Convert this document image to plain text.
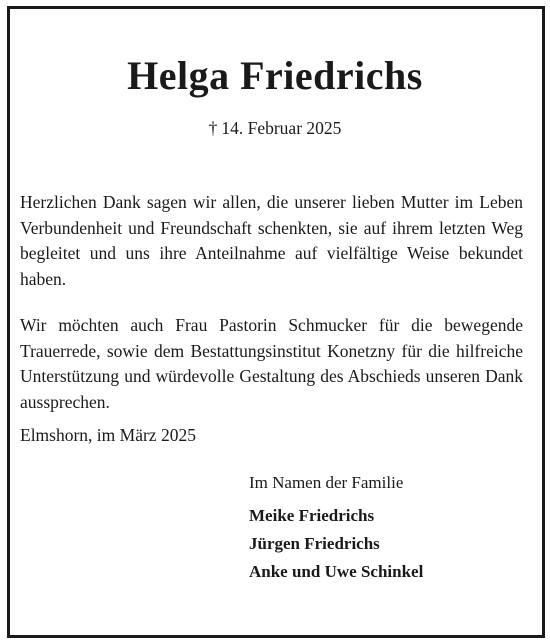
Helga Friedrichs
† 14. Februar 2025

Herzlichen Dank sagen wir allen, die unserer lieben Mutter im Leben Verbundenheit und Freundschaft schenkten, sie auf ihrem letzten Weg begleitet und uns ihre Anteilnahme auf vielfältige Weise bekundet haben.

Wir möchten auch Frau Pastorin Schmucker für die bewegende Trauerrede, sowie dem Bestattungsinstitut Konetzny für die hilfreiche Unterstützung und würdevolle Gestaltung des Abschieds unseren Dank aussprechen.

Elmshorn, im März 2025

Im Namen der Familie

Meike Friedrichs

Jürgen Friedrichs

Anke und Uwe Schinkel
